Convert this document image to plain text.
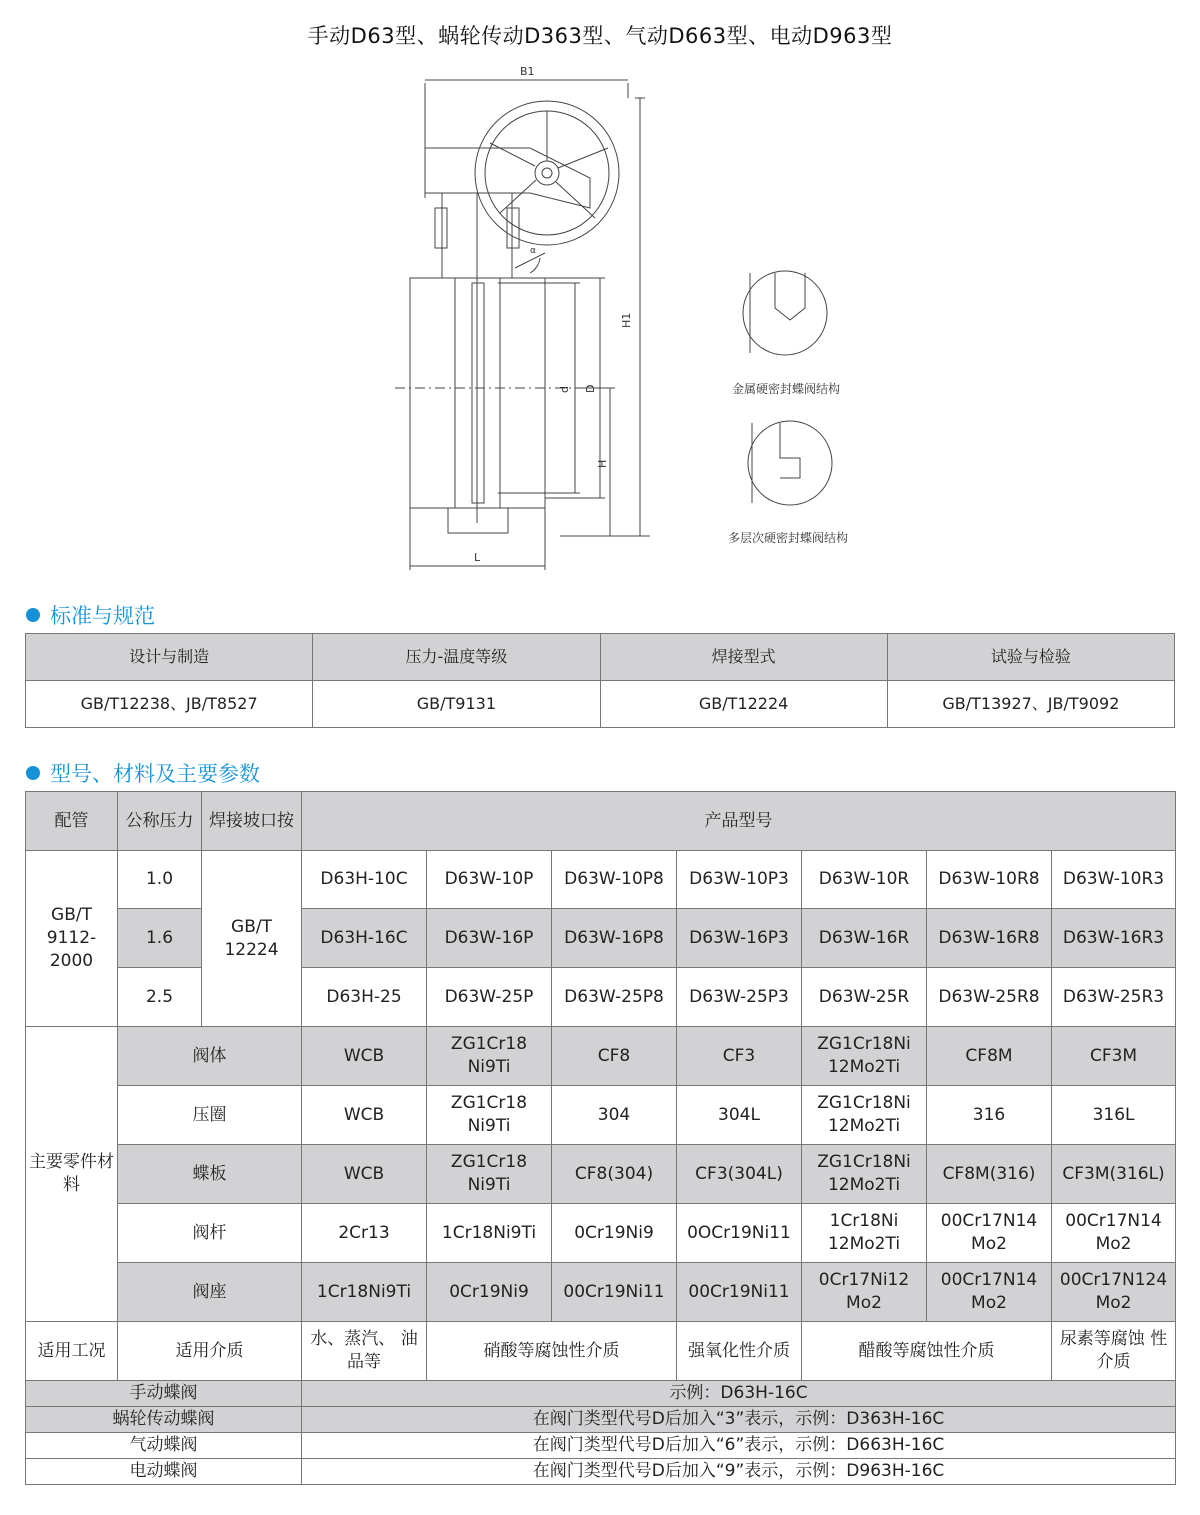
手动D63型、蜗轮传动D363型、气动D663型、电动D963型
B1
H1
d D
H
L
α
金属硬密封蝶阀结构
多层次硬密封蝶阀结构
标准与规范
设计与制造	压力-温度等级	焊接型式	试验与检验
GB/T12238、JB/T8527	GB/T9131	GB/T12224	GB/T13927、JB/T9092
型号、材料及主要参数
配管	公称压力	焊接坡口按	产品型号						
GB/T 9112-2000	1.0	GB/T 12224	D63H-10C	D63W-10P	D63W-10P8	D63W-10P3	D63W-10R	D63W-10R8	D63W-10R3
	1.6		D63H-16C	D63W-16P	D63W-16P8	D63W-16P3	D63W-16R	D63W-16R8	D63W-16R3
	2.5		D63H-25	D63W-25P	D63W-25P8	D63W-25P3	D63W-25R	D63W-25R8	D63W-25R3
主要零件材料	阀体		WCB	ZG1Cr18 Ni9Ti	CF8	CF3	ZG1Cr18Ni 12Mo2Ti	CF8M	CF3M
	压圈		WCB	ZG1Cr18 Ni9Ti	304	304L	ZG1Cr18Ni 12Mo2Ti	316	316L
	蝶板		WCB	ZG1Cr18 Ni9Ti	CF8(304)	CF3(304L)	ZG1Cr18Ni 12Mo2Ti	CF8M(316)	CF3M(316L)
	阀杆		2Cr13	1Cr18Ni9Ti	0Cr19Ni9	0OCr19Ni11	1Cr18Ni 12Mo2Ti	00Cr17N14 Mo2	00Cr17N14 Mo2
	阀座		1Cr18Ni9Ti	0Cr19Ni9	00Cr19Ni11	00Cr19Ni11	0Cr17Ni12 Mo2	00Cr17N14 Mo2	00Cr17N124 Mo2
适用工况	适用介质		水、蒸汽、 油品等	硝酸等腐蚀性介质		强氧化性介质	醋酸等腐蚀性介质		尿素等腐蚀 性介质
手动蝶阀			示例：D63H-16C						
蜗轮传动蝶阀			在阀门类型代号D后加入“3”表示，示例：D363H-16C						
气动蝶阀			在阀门类型代号D后加入“6”表示，示例：D663H-16C						
电动蝶阀			在阀门类型代号D后加入“9”表示，示例：D963H-16C						
